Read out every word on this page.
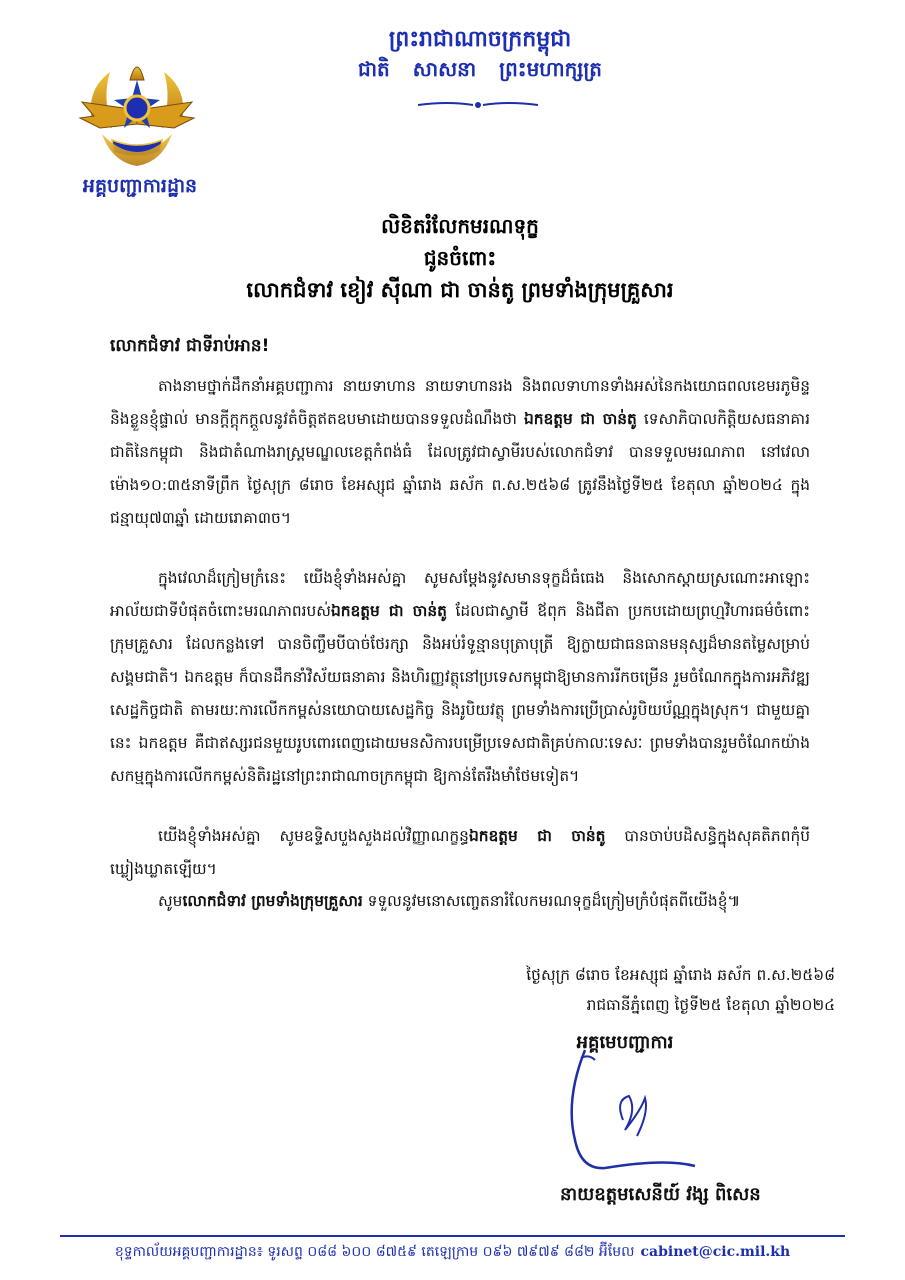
អគ្គបញ្ជាការដ្ឋាន
ព្រះរាជាណាចក្រកម្ពុជា
ជាតិ សាសនា ព្រះមហាក្សត្រ
លិខិតរំលែកមរណទុក្ខ
ជូនចំពោះ
លោកជំទាវ ខៀវ ស៊ីណា ជា ចាន់តូ ព្រមទាំងក្រុមគ្រួសារ
លោកជំទាវ ជាទីរាប់អាន!

តាងនាមថ្នាក់ដឹកនាំអគ្គបញ្ជាការ នាយទាហាន នាយទាហានរង និងពលទាហានទាំងអស់នៃកងយោធពលខេមរភូមិន្ទ និងខ្លួនខ្ញុំផ្ទាល់ មានក្តីក្តុកក្តួលនូវតំចិត្តឥតឧបមាដោយបានទទួលដំណឹងថា ឯកឧត្តម ជា ចាន់តូ ទេសាភិបាលកិត្តិយសធនាគារជាតិនៃកម្ពុជា និងជាតំណាងរាស្ត្រមណ្ឌលខេត្តកំពង់ធំ ដែលត្រូវជាស្វាមីរបស់លោកជំទាវ បានទទួលមរណភាព នៅវេលាម៉ោង១០:៣៥នាទីព្រឹក ថ្ងៃសុក្រ ៨រោច ខែអស្សុជ ឆ្នាំរោង ឆស័ក ព.ស.២៥៦៨ ត្រូវនឹងថ្ងៃទី២៥ ខែតុលា ឆ្នាំ២០២៤ ក្នុងជន្មាយុ៧៣ឆ្នាំ ដោយរោគា៣ច។

ក្នុងវេលាដ៏ក្រៀមក្រំនេះ យើងខ្ញុំទាំងអស់គ្នា សូមសម្តែងនូវសមានទុក្ខដ៏ធំធេង និងសោកស្តាយស្រណោះអាឡោះអាល័យជាទីបំផុតចំពោះមរណភាពរបស់ឯកឧត្តម ជា ចាន់តូ ដែលជាស្វាមី ឪពុក និងជីតា ប្រកបដោយព្រហ្មវិហារធម៌ចំពោះក្រុមគ្រួសារ ដែលកន្លងទៅ បានចិញ្ចឹមបីបាច់ថែរក្សា និងអប់រំទូន្មានបុត្រាបុត្រី ឱ្យក្លាយជាធនធានមនុស្សដ៏មានតម្លៃសម្រាប់សង្គមជាតិ។ ឯកឧត្តម ក៏បានដឹកនាំវិស័យធនាគារ និងហិរញ្ញវត្ថុនៅប្រទេសកម្ពុជាឱ្យមានការរីកចម្រើន រួមចំណែកក្នុងការអភិវឌ្ឍសេដ្ឋកិច្ចជាតិ តាមរយៈការលើកកម្ពស់នយោបាយសេដ្ឋកិច្ច និងរូបិយវត្ថុ ព្រមទាំងការប្រើប្រាស់រូបិយប័ណ្ណក្នុងស្រុក។ ជាមួយគ្នានេះ ឯកឧត្តម គឺជាឥស្សរជនមួយរូបពោរពេញដោយមនសិការបម្រើប្រទេសជាតិគ្រប់កាលៈទេសៈ ព្រមទាំងបានរួមចំណែកយ៉ាងសកម្មក្នុងការលើកកម្ពស់និតិរដ្ឋនៅព្រះរាជាណាចក្រកម្ពុជា ឱ្យកាន់តែរឹងមាំថែមទៀត។

យើងខ្ញុំទាំងអស់គ្នា សូមឧទ្ទិសបួងសួងដល់វិញ្ញាណក្ខន្ធឯកឧត្តម ជា ចាន់តូ បានចាប់បដិសន្ធិក្នុងសុគតិភពកុំបីឃ្លៀងឃ្លាតឡើយ។

សូមលោកជំទាវ ព្រមទាំងក្រុមគ្រួសារ ទទួលនូវមនោសញ្ចេតនារំលែកមរណទុក្ខដ៏ក្រៀមក្រំបំផុតពីយើងខ្ញុំ៕

ថ្ងៃសុក្រ ៨រោច ខែអស្សុជ ឆ្នាំរោង ឆស័ក ព.ស.២៥៦៨
រាជធានីភ្នំពេញ ថ្ងៃទី២៥ ខែតុលា ឆ្នាំ២០២៤
អគ្គមេបញ្ជាការ
នាយឧត្តមសេនីយ៍ វង្ស ពិសេន
ខុទ្ទកាល័យអគ្គបញ្ជាការដ្ឋាន៖ ទូរសព្ទ ០៨៨ ៦០០ ៨៧៥៩ តេឡេក្រាម ០៩៦ ៧៩៧៩ ៨៨២ អ៊ីមែល cabinet@cic.mil.kh
